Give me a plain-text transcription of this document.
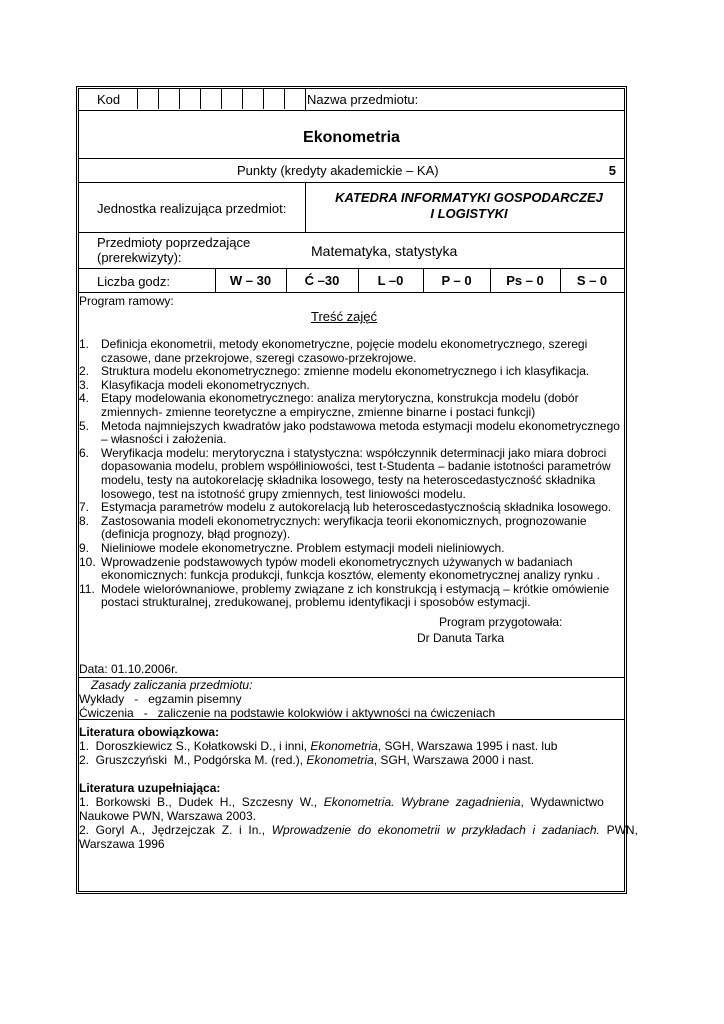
Kod	Nazwa przedmiotu:
Ekonometria
Punkty (kredyty akademickie – KA)	5
Jednostka realizująca przedmiot:
KATEDRA INFORMATYKI GOSPODARCZEJ
I LOGISTYKI
Przedmioty poprzedzające
(prerekwizyty):	Matematyka, statystyka
Liczba godz:	W – 30	Ć –30	L –0	P – 0	Ps – 0	S – 0
Program ramowy:
Treść zajęć
1. Definicja ekonometrii, metody ekonometryczne, pojęcie modelu ekonometrycznego, szeregi
czasowe, dane przekrojowe, szeregi czasowo-przekrojowe.
2. Struktura modelu ekonometrycznego: zmienne modelu ekonometrycznego i ich klasyfikacja.
3. Klasyfikacja modeli ekonometrycznych.
4. Etapy modelowania ekonometrycznego: analiza merytoryczna, konstrukcja modelu (dobór
zmiennych- zmienne teoretyczne a empiryczne, zmienne binarne i postaci funkcji)
5. Metoda najmniejszych kwadratów jako podstawowa metoda estymacji modelu ekonometrycznego
– własności i założenia.
6. Weryfikacja modelu: merytoryczna i statystyczna: współczynnik determinacji jako miara dobroci
dopasowania modelu, problem współliniowości, test t-Studenta – badanie istotności parametrów
modelu, testy na autokorelację składnika losowego, testy na heteroscedastyczność składnika
losowego, test na istotność grupy zmiennych, test liniowości modelu.
7. Estymacja parametrów modelu z autokorelacją lub heteroscedastycznością składnika losowego.
8. Zastosowania modeli ekonometrycznych: weryfikacja teorii ekonomicznych, prognozowanie
(definicja prognozy, błąd prognozy).
9. Nieliniowe modele ekonometryczne. Problem estymacji modeli nieliniowych.
10. Wprowadzenie podstawowych typów modeli ekonometrycznych używanych w badaniach
ekonomicznych: funkcja produkcji, funkcja kosztów, elementy ekonometrycznej analizy rynku .
11. Modele wielorównaniowe, problemy związane z ich konstrukcją i estymacją – krótkie omówienie
postaci strukturalnej, zredukowanej, problemu identyfikacji i sposobów estymacji.
Program przygotowała:
Dr Danuta Tarka
Data: 01.10.2006r.
Zasady zaliczania przedmiotu:
Wykłady   -   egzamin pisemny
Ćwiczenia   -   zaliczenie na podstawie kolokwiów i aktywności na ćwiczeniach
Literatura obowiązkowa:
1.  Doroszkiewicz S., Kołatkowski D., i inni, Ekonometria, SGH, Warszawa 1995 i nast. lub
2.  Gruszczyński  M., Podgórska M. (red.), Ekonometria, SGH, Warszawa 2000 i nast.
Literatura uzupełniająca:
1.  Borkowski  B.,  Dudek  H.,  Szczesny  W.,  Ekonometria.  Wybrane  zagadnienia,  Wydawnictwo
Naukowe PWN, Warszawa 2003.
2.  Goryl  A.,  Jędrzejczak  Z.  i  In.,  Wprowadzenie  do  ekonometrii  w  przykładach  i  zadaniach.  PWN,
Warszawa 1996
